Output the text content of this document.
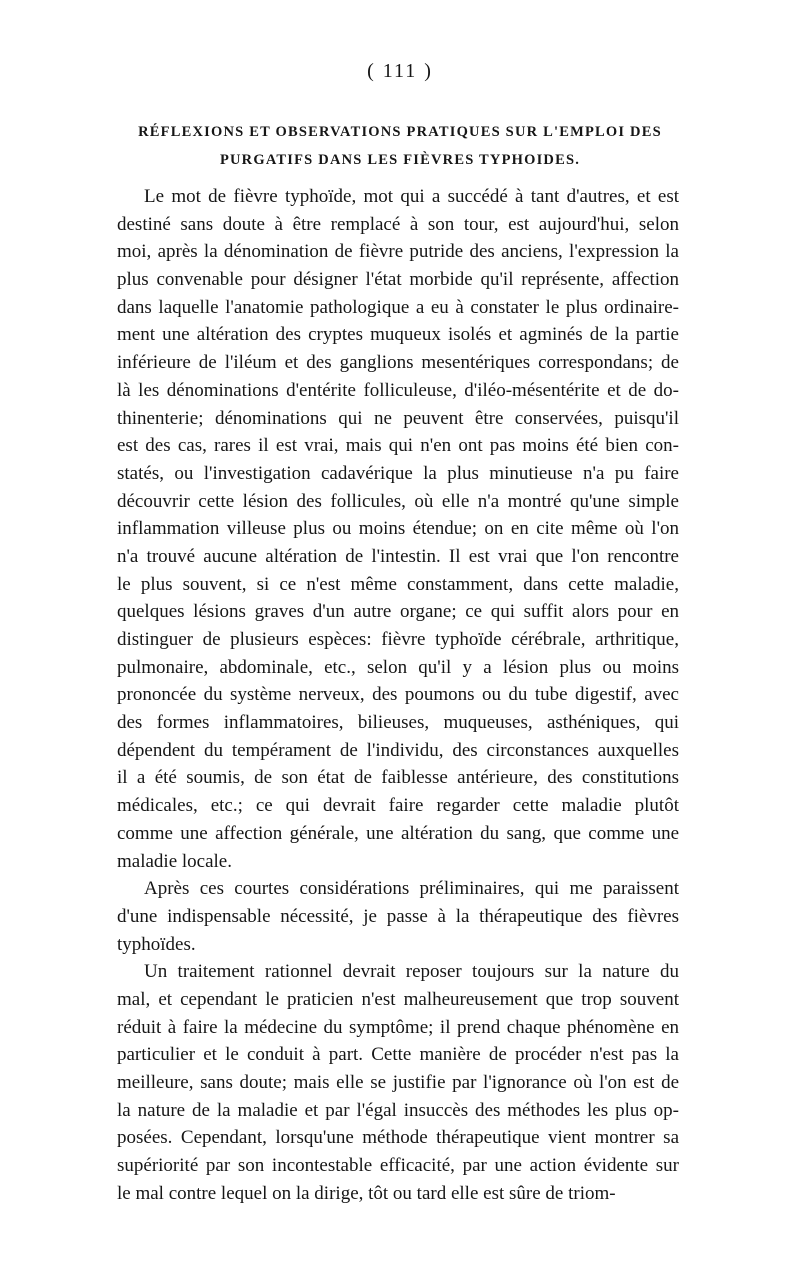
( 111 )
RÉFLEXIONS ET OBSERVATIONS PRATIQUES SUR L'EMPLOI DES
PURGATIFS DANS LES FIÈVRES TYPHOIDES.

Le mot de fièvre typhoïde, mot qui a succédé à tant d'autres, et est
destiné sans doute à être remplacé à son tour, est aujourd'hui, selon
moi, après la dénomination de fièvre putride des anciens, l'expression la
plus convenable pour désigner l'état morbide qu'il représente, affection
dans laquelle l'anatomie pathologique a eu à constater le plus ordinaire-
ment une altération des cryptes muqueux isolés et agminés de la partie
inférieure de l'iléum et des ganglions mesentériques correspondans; de
là les dénominations d'entérite folliculeuse, d'iléo-mésentérite et de do-
thinenterie; dénominations qui ne peuvent être conservées, puisqu'il
est des cas, rares il est vrai, mais qui n'en ont pas moins été bien con-
statés, ou l'investigation cadavérique la plus minutieuse n'a pu faire
découvrir cette lésion des follicules, où elle n'a montré qu'une simple
inflammation villeuse plus ou moins étendue; on en cite même où l'on
n'a trouvé aucune altération de l'intestin. Il est vrai que l'on rencontre
le plus souvent, si ce n'est même constamment, dans cette maladie,
quelques lésions graves d'un autre organe; ce qui suffit alors pour en
distinguer de plusieurs espèces: fièvre typhoïde cérébrale, arthritique,
pulmonaire, abdominale, etc., selon qu'il y a lésion plus ou moins
prononcée du système nerveux, des poumons ou du tube digestif, avec
des formes inflammatoires, bilieuses, muqueuses, asthéniques, qui
dépendent du tempérament de l'individu, des circonstances auxquelles
il a été soumis, de son état de faiblesse antérieure, des constitutions
médicales, etc.; ce qui devrait faire regarder cette maladie plutôt
comme une affection générale, une altération du sang, que comme une
maladie locale.

Après ces courtes considérations préliminaires, qui me paraissent
d'une indispensable nécessité, je passe à la thérapeutique des fièvres
typhoïdes.

Un traitement rationnel devrait reposer toujours sur la nature du
mal, et cependant le praticien n'est malheureusement que trop souvent
réduit à faire la médecine du symptôme; il prend chaque phénomène en
particulier et le conduit à part. Cette manière de procéder n'est pas la
meilleure, sans doute; mais elle se justifie par l'ignorance où l'on est de
la nature de la maladie et par l'égal insuccès des méthodes les plus op-
posées. Cependant, lorsqu'une méthode thérapeutique vient montrer sa
supériorité par son incontestable efficacité, par une action évidente sur
le mal contre lequel on la dirige, tôt ou tard elle est sûre de triom-
